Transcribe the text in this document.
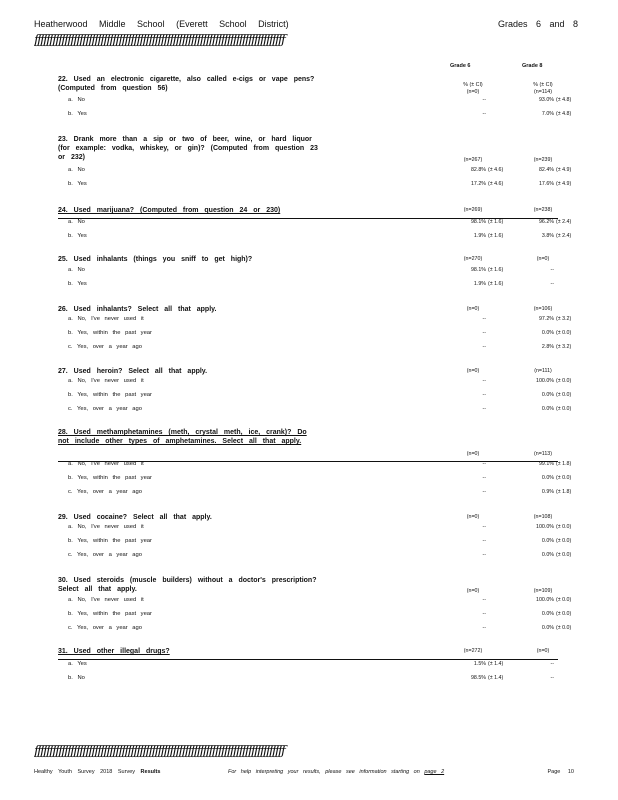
Heatherwood Middle School (Everett School District)	Grades 6 and 8
ƒƒƒƒƒƒƒƒƒƒƒƒƒƒƒƒƒƒƒƒƒƒƒƒƒƒƒƒƒƒƒƒƒƒƒƒƒƒƒƒƒƒƒƒƒƒƒƒƒƒƒƒƒƒƒƒƒƒƒƒƒƒƒƒƒƒƒƒƒƒƒƒƒƒƒƒƒƒƒƒƒƒƒ
Grade 6	Grade 8
22. Used an electronic cigarette, also called e-cigs or vape pens? (Computed from question 56)
% (± CI)	% (± CI)
(n=0)	(n=114)
a. No	--	93.0% (± 4.8)
b. Yes	--	7.0% (± 4.8)
23. Drank more than a sip or two of beer, wine, or hard liquor (for example: vodka, whiskey, or gin)? (Computed from question 23 or 232)	(n=267)	(n=239)
a. No	82.8% (± 4.6)	82.4% (± 4.9)
b. Yes	17.2% (± 4.6)	17.6% (± 4.9)
24. Used marijuana? (Computed from question 24 or 230)	(n=269)	(n=238)
a. No	98.1% (± 1.6)	96.2% (± 2.4)
b. Yes	1.9% (± 1.6)	3.8% (± 2.4)
25. Used inhalants (things you sniff to get high)?	(n=270)	(n=0)
a. No	98.1% (± 1.6)	--
b. Yes	1.9% (± 1.6)	--
26. Used inhalants? Select all that apply.	(n=0)	(n=106)
a. No, I've never used it	--	97.2% (± 3.2)
b. Yes, within the past year	--	0.0% (± 0.0)
c. Yes, over a year ago	--	2.8% (± 3.2)
27. Used heroin? Select all that apply.	(n=0)	(n=111)
a. No, I've never used it	--	100.0% (± 0.0)
b. Yes, within the past year	--	0.0% (± 0.0)
c. Yes, over a year ago	--	0.0% (± 0.0)
28. Used methamphetamines (meth, crystal meth, ice, crank)? Do not include other types of amphetamines. Select all that apply.
(n=0)	(n=113)
a. No, I've never used it	--	99.1% (± 1.8)
b. Yes, within the past year	--	0.0% (± 0.0)
c. Yes, over a year ago	--	0.9% (± 1.8)
29. Used cocaine? Select all that apply.	(n=0)	(n=108)
a. No, I've never used it	--	100.0% (± 0.0)
b. Yes, within the past year	--	0.0% (± 0.0)
c. Yes, over a year ago	--	0.0% (± 0.0)
30. Used steroids (muscle builders) without a doctor's prescription? Select all that apply.	(n=0)	(n=109)
a. No, I've never used it	--	100.0% (± 0.0)
b. Yes, within the past year	--	0.0% (± 0.0)
c. Yes, over a year ago	--	0.0% (± 0.0)
31. Used other illegal drugs?	(n=272)	(n=0)
a. Yes	1.5% (± 1.4)	--
b. No	98.5% (± 1.4)	--
ƒƒƒƒƒƒƒƒƒƒƒƒƒƒƒƒƒƒƒƒƒƒƒƒƒƒƒƒƒƒƒƒƒƒƒƒƒƒƒƒƒƒƒƒƒƒƒƒƒƒƒƒƒƒƒƒƒƒƒƒƒƒƒƒƒƒƒƒƒƒƒƒƒƒƒƒƒƒƒƒƒƒƒ
Healthy Youth Survey 2018 Survey Results	For help interpreting your results, please see information starting on page 2	Page 10
